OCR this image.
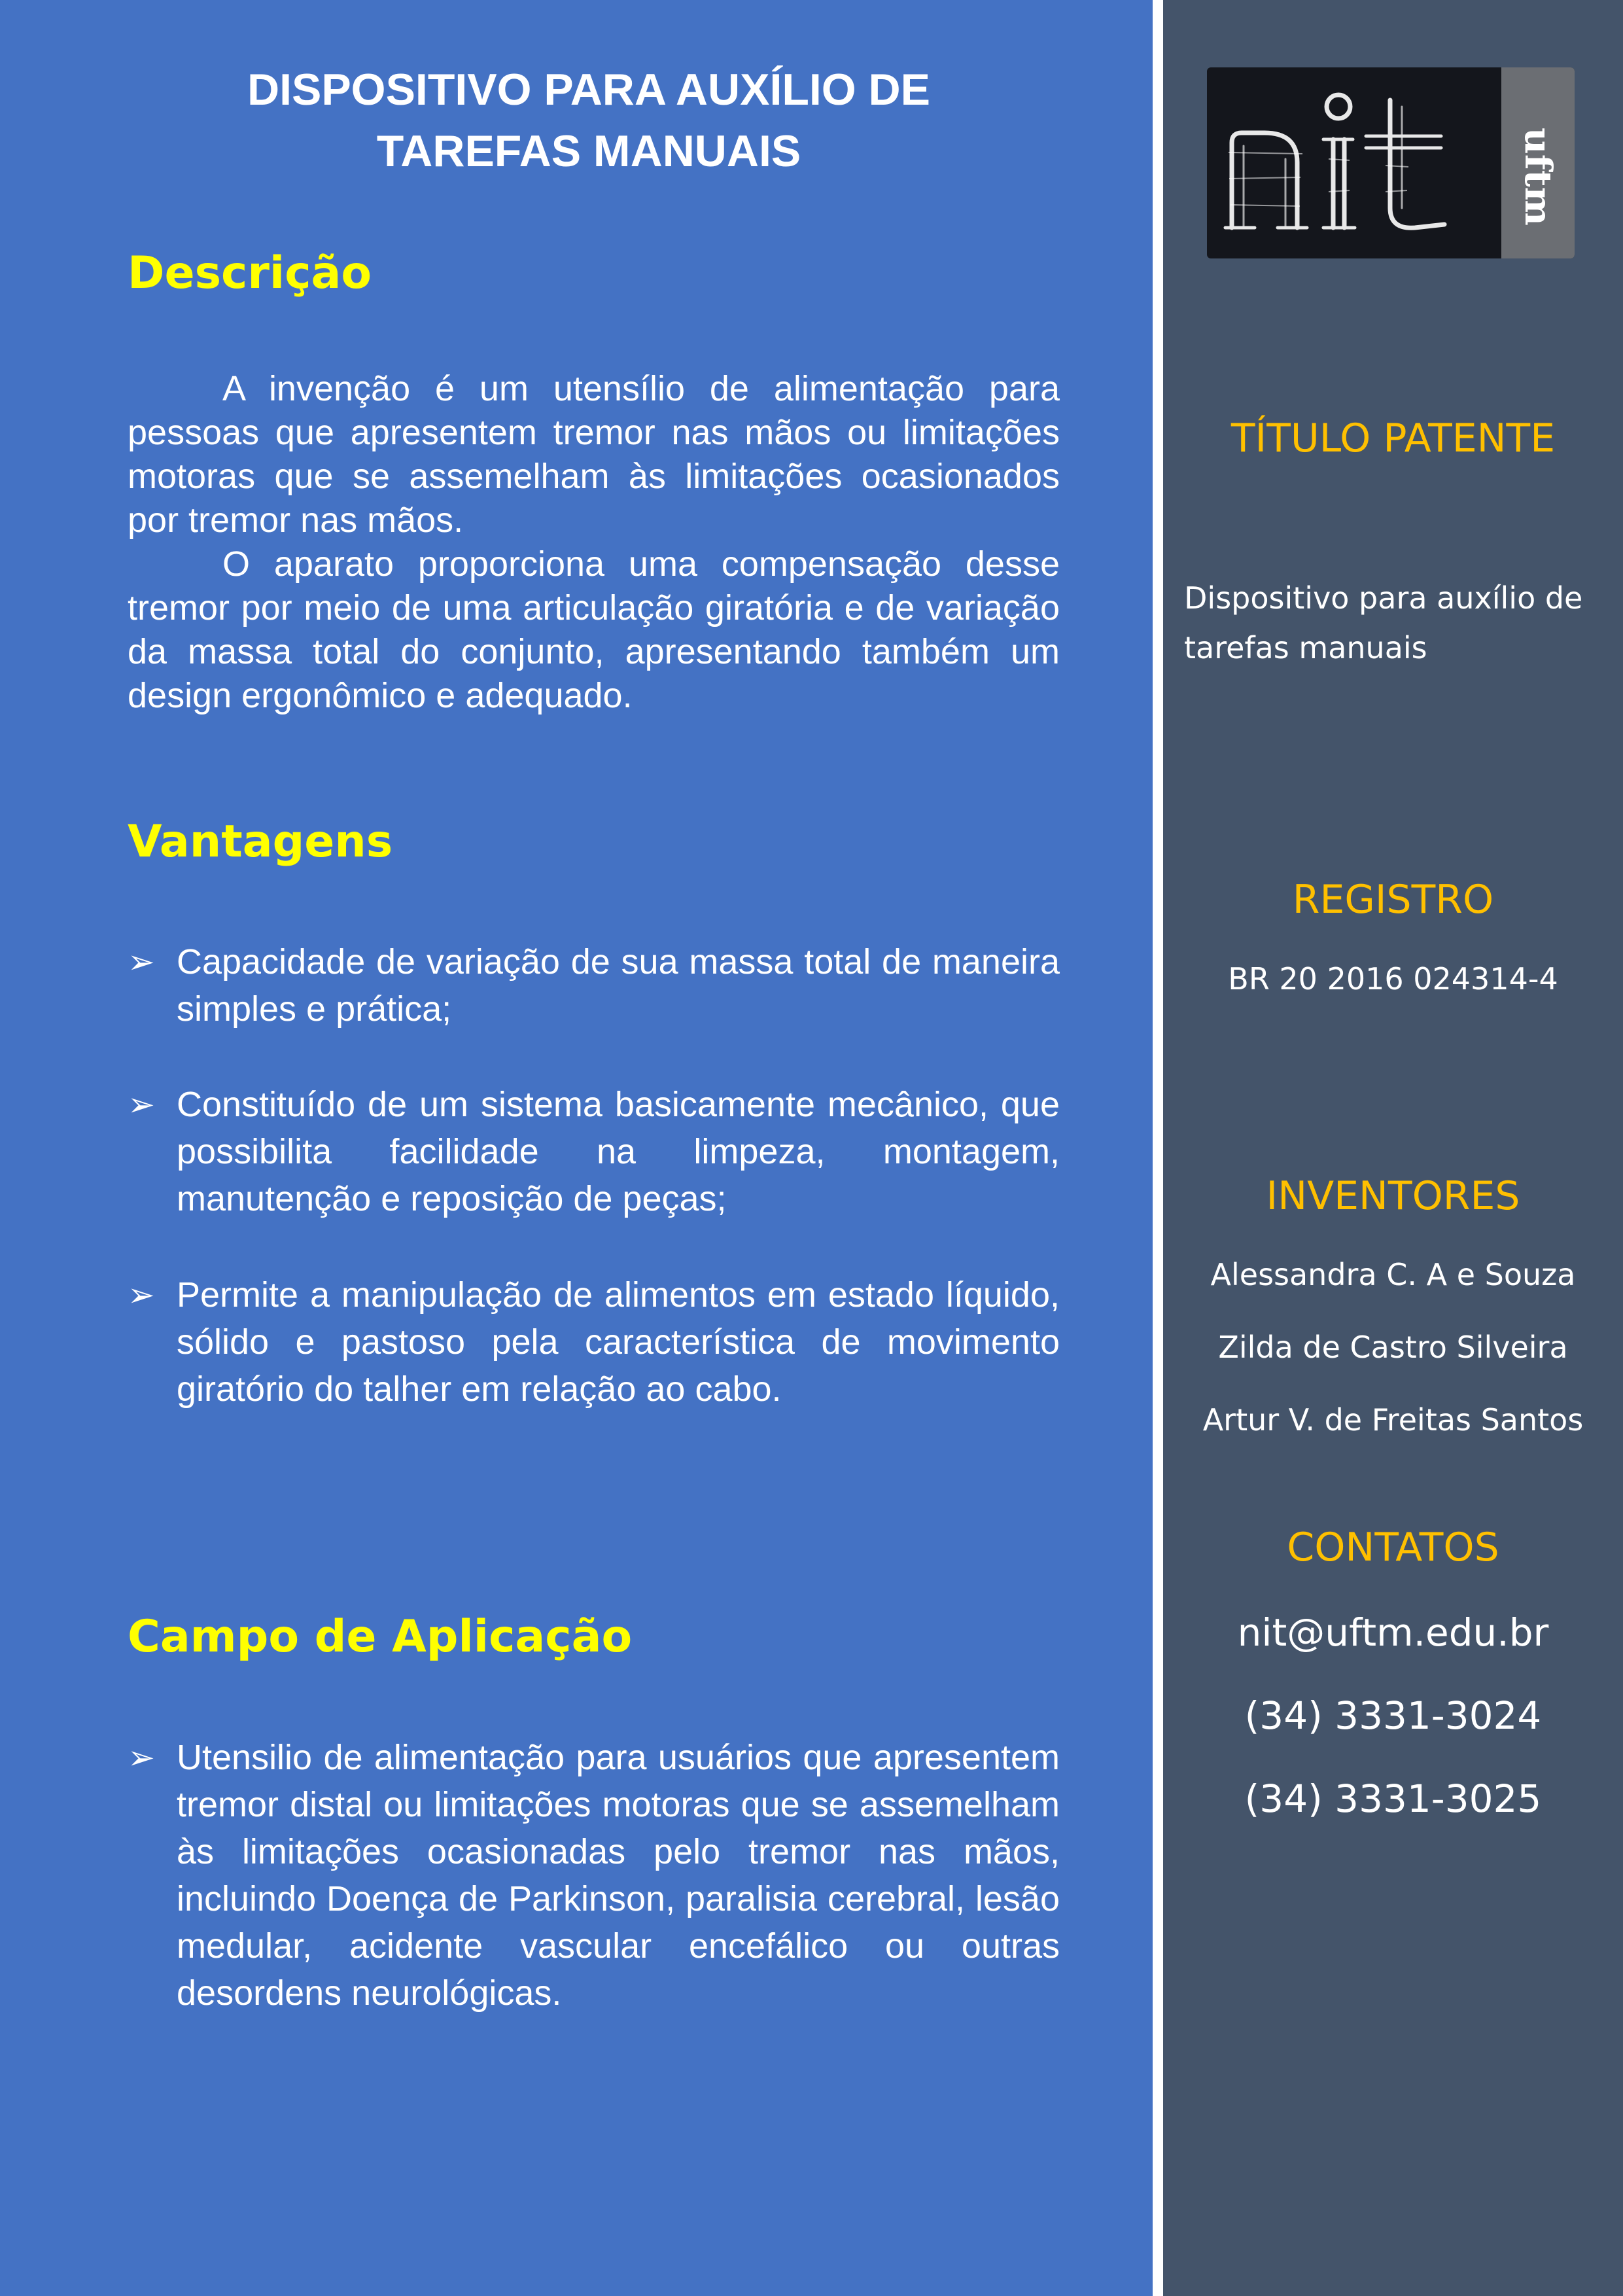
DISPOSITIVO PARA AUXÍLIO DE
TAREFAS MANUAIS
Descrição

A invenção é um utensílio de alimentação para pessoas que apresentem tremor nas mãos ou limitações motoras que se assemelham às limitações ocasionados por tremor nas mãos.

O aparato proporciona uma compensação desse tremor por meio de uma articulação giratória e de variação da massa total do conjunto, apresentando também um design ergonômico e adequado.

Vantagens
➢ Capacidade de variação de sua massa total de maneira simples e prática;
➢ Constituído de um sistema basicamente mecânico, que possibilita facilidade na limpeza, montagem, manutenção e reposição de peças;
➢ Permite a manipulação de alimentos em estado líquido, sólido e pastoso pela característica de movimento giratório do talher em relação ao cabo.
Campo de Aplicação
➢ Utensilio de alimentação para usuários que apresentem tremor distal ou limitações motoras que se assemelham às limitações ocasionadas pelo tremor nas mãos, incluindo Doença de Parkinson, paralisia cerebral, lesão medular, acidente vascular encefálico ou outras desordens neurológicas.
uftm
TÍTULO PATENTE
Dispositivo para auxílio de tarefas manuais
REGISTRO
BR 20 2016 024314-4
INVENTORES
Alessandra C. A e Souza
Zilda de Castro Silveira
Artur V. de Freitas Santos
CONTATOS
nit@uftm.edu.br
(34) 3331-3024
(34) 3331-3025
